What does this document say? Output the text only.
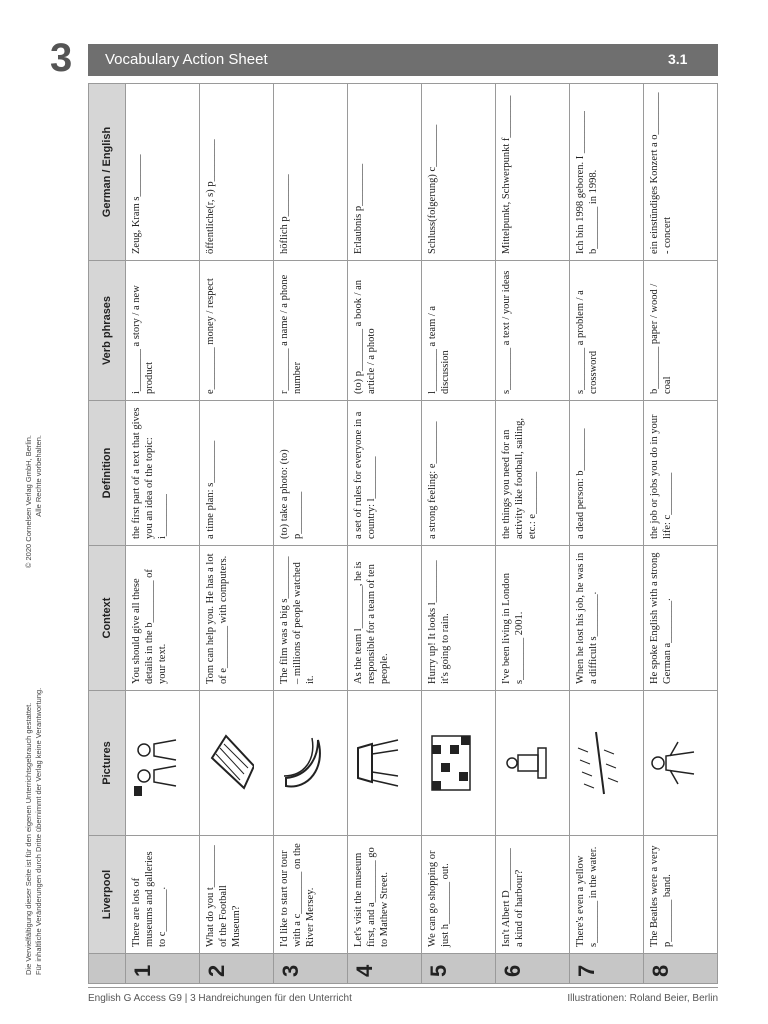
3 Vocabulary Action Sheet	3.1
Die Vervielfältigung dieser Seite ist für den eigenen Unterrichtsgebrauch gestattet. Für inhaltliche Veränderungen durch Dritte übernimmt der Verlag keine Verantwortung.
© 2020 Cornelsen Verlag GmbH, Berlin. Alle Rechte vorbehalten.
	Liverpool	Pictures	Context	Definition	Verb phrases	German / English
1	There are lots of museums and galleries to c________.		You should give all these details in the b________ of your text.	the first part of a text that gives you an idea of the topic: i________	i________ a story / a new product	Zeug, Kram s________

2	What do you t________ of the Football Museum?		Tom can help you. He has a lot of e________ with computers.	a time plan: s________	e________ money / respect	öffentliche(r, s) p________

3	I'd like to start our tour with a c________ on the River Mersey.		The film was a big s________ – millions of people watched it.	(to) take a photo: (to) p________	r________ a name / a phone number	höflich p________

4	Let's visit the museum first, and a________ go to Mathew Street.		As the team l________, he is responsible for a team of ten people.	a set of rules for everyone in a country: l________	(to) p________ a book / an article / a photo	Erlaubnis p________

5	We can go shopping or just h________ out.		Hurry up! It looks l________ it's going to rain.	a strong feeling: e________	l________ a team / a discussion	Schluss(folgerung) c________

6	Isn't Albert D________ a kind of harbour?		I've been living in London s________ 2001.	the things you need for an activity like football, sailing, etc.: e________	s________ a text / your ideas	Mittelpunkt, Schwerpunkt f________

7	There's even a yellow s________ in the water.		When he lost his job, he was in a difficult s________.	a dead person: b________	s________ a problem / a crossword	Ich bin 1998 geboren. I ________ b________ in 1998.

8	The Beatles were a very p________ band.		He spoke English with a strong German a________.	the job or jobs you do in your life: c________	b________ paper / wood / coal	ein einstündiges Konzert a o________ - concert
English G Access G9 | 3 Handreichungen für den Unterricht	Illustrationen: Roland Beier, Berlin
